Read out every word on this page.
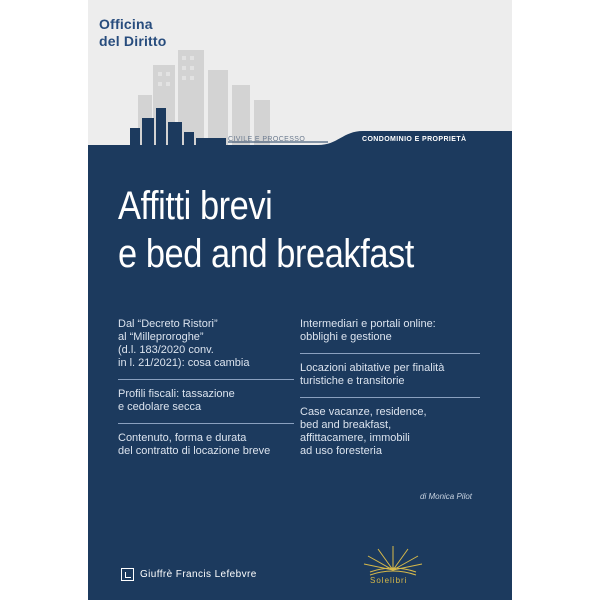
Officina
del Diritto
CIVILE E PROCESSO	CONDOMINIO E PROPRIETÀ
Affitti brevi
e bed and breakfast
Dal “Decreto Ristori”
al “Milleproroghe”
(d.l. 183/2020 conv.
in l. 21/2021): cosa cambia
Profili fiscali: tassazione
e cedolare secca
Contenuto, forma e durata
del contratto di locazione breve
Intermediari e portali online:
obblighi e gestione
Locazioni abitative per finalità
turistiche e transitorie
Case vacanze, residence,
bed and breakfast,
affittacamere, immobili
ad uso foresteria
di Monica Pilot
Solelibri
Giuffrè Francis Lefebvre
